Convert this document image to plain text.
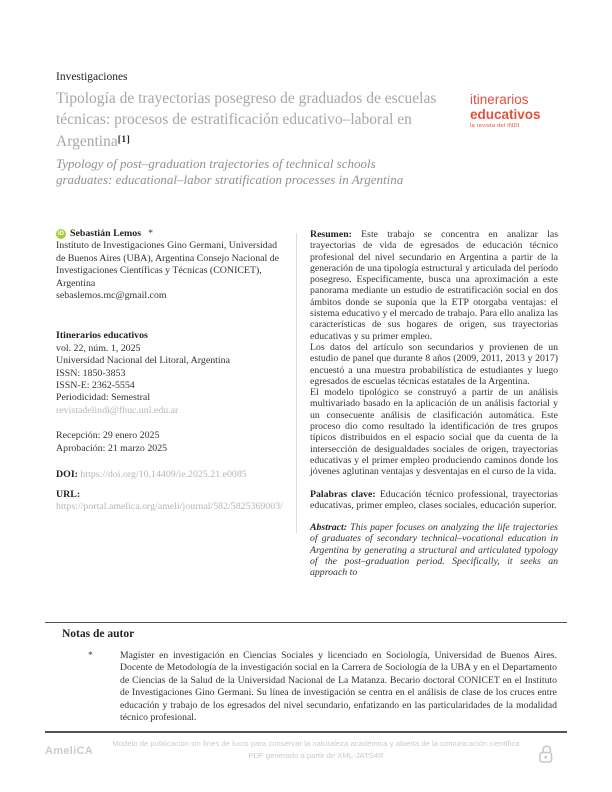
Investigaciones
Tipología de trayectorias posegreso de graduados de escuelas
técnicas: procesos de estratificación educativo–laboral en
Argentina[1]
itinerarios
educativos
la revista del INDI
Typology of post–graduation trajectories of technical schools
graduates: educational–labor stratification processes in Argentina
iD Sebastián Lemos *
Instituto de Investigaciones Gino Germani, Universidad
de Buenos Aires (UBA), Argentina Consejo Nacional de
Investigaciones Científicas y Técnicas (CONICET),
Argentina
sebaslemos.mc@gmail.com
Itinerarios educativos
vol. 22, núm. 1, 2025
Universidad Nacional del Litoral, Argentina
ISSN: 1850-3853
ISSN-E: 2362-5554
Periodicidad: Semestral
revistadelindi@fhuc.unl.edu.ar
Recepción: 29 enero 2025
Aprobación: 21 marzo 2025
DOI: https://doi.org/10.14409/ie.2025.21.e0085
URL: https://portal.amelica.org/ameli/journal/582/5825369003/

Resumen: Este trabajo se concentra en analizar las trayectorias de vida de egresados de educación técnico profesional del nivel secundario en Argentina a partir de la generación de una tipología estructural y articulada del período posegreso. Específicamente, busca una aproximación a este panorama mediante un estudio de estratificación social en dos ámbitos donde se suponía que la ETP otorgaba ventajas: el sistema educativo y el mercado de trabajo. Para ello analiza las características de sus hogares de origen, sus trayectorias educativas y su primer empleo.

Los datos del artículo son secundarios y provienen de un estudio de panel que durante 8 años (2009, 2011, 2013 y 2017) encuestó a una muestra probabilística de estudiantes y luego egresados de escuelas técnicas estatales de la Argentina.

El modelo tipológico se construyó a partir de un análisis multivariado basado en la aplicación de un análisis factorial y un consecuente análisis de clasificación automática. Este proceso dio como resultado la identificación de tres grupos típicos distribuidos en el espacio social que da cuenta de la intersección de desigualdades sociales de origen, trayectorias educativas y el primer empleo produciendo caminos donde los jóvenes aglutinan ventajas y desventajas en el curso de la vida.

Palabras clave: Educación técnico professional, trayectorias educativas, primer empleo, clases sociales, educación superior.

Abstract: This paper focuses on analyzing the life trajectories of graduates of secondary technical–vocational education in Argentina by generating a structural and articulated typology of the post–graduation period. Specifically, it seeks an approach to

Notas de autor
*	Magister en investigación en Ciencias Sociales y licenciado en Sociología, Universidad de Buenos Aires. Docente de Metodología de la investigación social en la Carrera de Sociología de la UBA y en el Departamento de Ciencias de la Salud de la Universidad Nacional de La Matanza. Becario doctoral CONICET en el Instituto de Investigaciones Gino Germani. Su línea de investigación se centra en el análisis de clase de los cruces entre educación y trabajo de los egresados del nivel secundario, enfatizando en las particularidades de la modalidad técnico profesional.
AmeliCA
Modelo de publicación sin fines de lucro para conservar la naturaleza académica y abierta de la comunicación científica
PDF generado a partir de XML-JATS4R
